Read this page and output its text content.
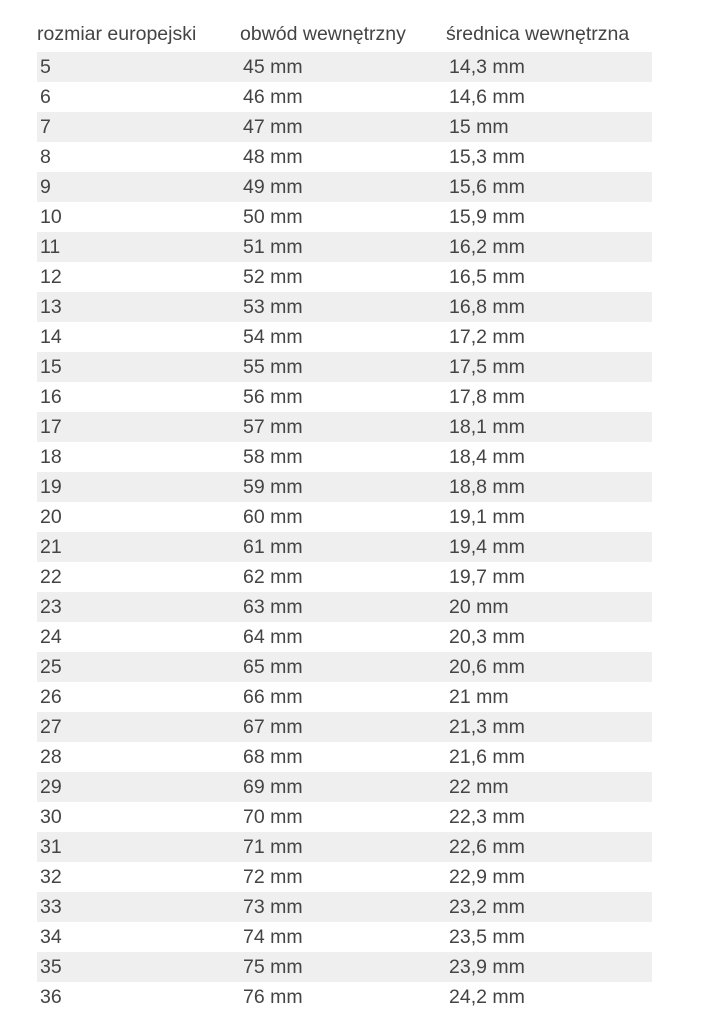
rozmiar europejski	obwód wewnętrzny	średnica wewnętrzna
5	45 mm	14,3 mm
6	46 mm	14,6 mm
7	47 mm	15 mm
8	48 mm	15,3 mm
9	49 mm	15,6 mm
10	50 mm	15,9 mm
11	51 mm	16,2 mm
12	52 mm	16,5 mm
13	53 mm	16,8 mm
14	54 mm	17,2 mm
15	55 mm	17,5 mm
16	56 mm	17,8 mm
17	57 mm	18,1 mm
18	58 mm	18,4 mm
19	59 mm	18,8 mm
20	60 mm	19,1 mm
21	61 mm	19,4 mm
22	62 mm	19,7 mm
23	63 mm	20 mm
24	64 mm	20,3 mm
25	65 mm	20,6 mm
26	66 mm	21 mm
27	67 mm	21,3 mm
28	68 mm	21,6 mm
29	69 mm	22 mm
30	70 mm	22,3 mm
31	71 mm	22,6 mm
32	72 mm	22,9 mm
33	73 mm	23,2 mm
34	74 mm	23,5 mm
35	75 mm	23,9 mm
36	76 mm	24,2 mm
